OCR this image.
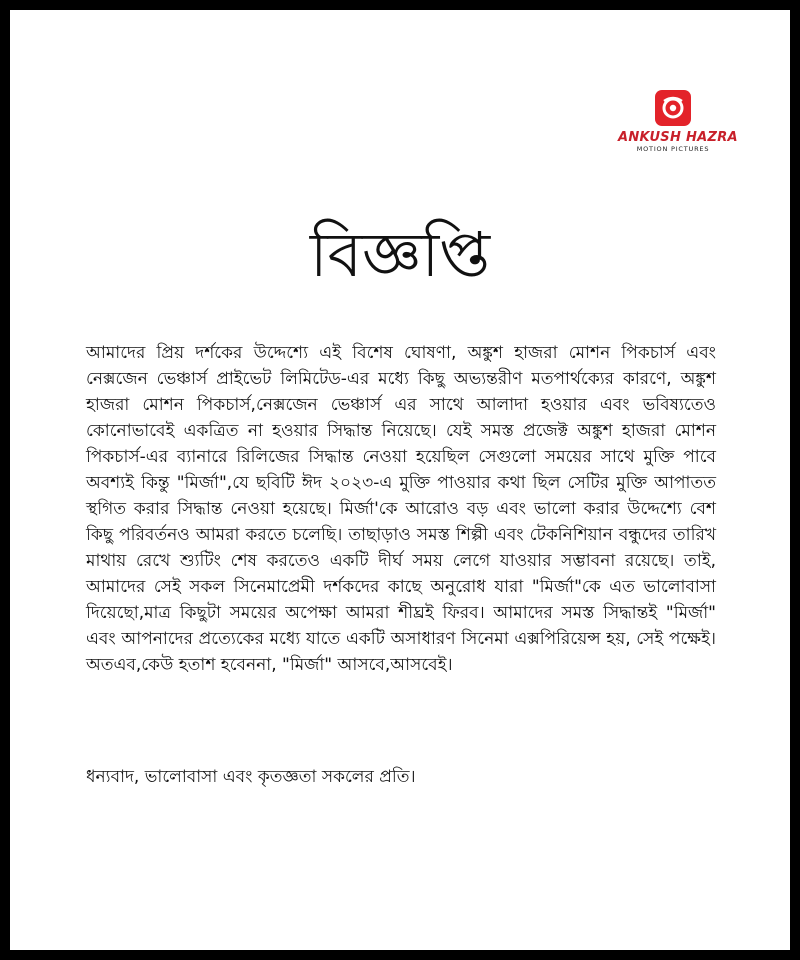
ANKUSH HAZRA
MOTION PICTURES
বিজ্ঞপ্তি

আমাদের প্রিয় দর্শকের উদ্দেশ্যে এই বিশেষ ঘোষণা, অঙ্কুশ হাজরা মোশন পিকচার্স এবং নেক্সজেন ভেঞ্চার্স প্রাইভেট লিমিটেড-এর মধ্যে কিছু অভ্যন্তরীণ মতপার্থক্যের কারণে, অঙ্কুশ হাজরা মোশন পিকচার্স,নেক্সজেন ভেঞ্চার্স এর সাথে আলাদা হওয়ার এবং ভবিষ্যতেও কোনোভাবেই একত্রিত না হওয়ার সিদ্ধান্ত নিয়েছে। যেই সমস্ত প্রজেক্ট অঙ্কুশ হাজরা মোশন পিকচার্স-এর ব্যানারে রিলিজের সিদ্ধান্ত নেওয়া হয়েছিল সেগুলো সময়ের সাথে মুক্তি পাবে অবশ্যই কিন্তু "মির্জা",যে ছবিটি ঈদ ২০২৩-এ মুক্তি পাওয়ার কথা ছিল সেটির মুক্তি আপাতত স্থগিত করার সিদ্ধান্ত নেওয়া হয়েছে। মির্জা'কে আরোও বড় এবং ভালো করার উদ্দেশ্যে বেশ কিছু পরিবর্তনও আমরা করতে চলেছি। তাছাড়াও সমস্ত শিল্পী এবং টেকনিশিয়ান বন্ধুদের তারিখ মাথায় রেখে শ্যুটিং শেষ করতেও একটি দীর্ঘ সময় লেগে যাওয়ার সম্ভাবনা রয়েছে। তাই, আমাদের সেই সকল সিনেমাপ্রেমী দর্শকদের কাছে অনুরোধ যারা "মির্জা"কে এত ভালোবাসা দিয়েছো,মাত্র কিছুটা সময়ের অপেক্ষা আমরা শীঘ্রই ফিরব। আমাদের সমস্ত সিদ্ধান্তই "মির্জা" এবং আপনাদের প্রত্যেকের মধ্যে যাতে একটি অসাধারণ সিনেমা এক্সপিরিয়েন্স হয়, সেই পক্ষেই। অতএব,কেউ হতাশ হবেননা, "মির্জা" আসবে,আসবেই।

ধন্যবাদ, ভালোবাসা এবং কৃতজ্ঞতা সকলের প্রতি।
